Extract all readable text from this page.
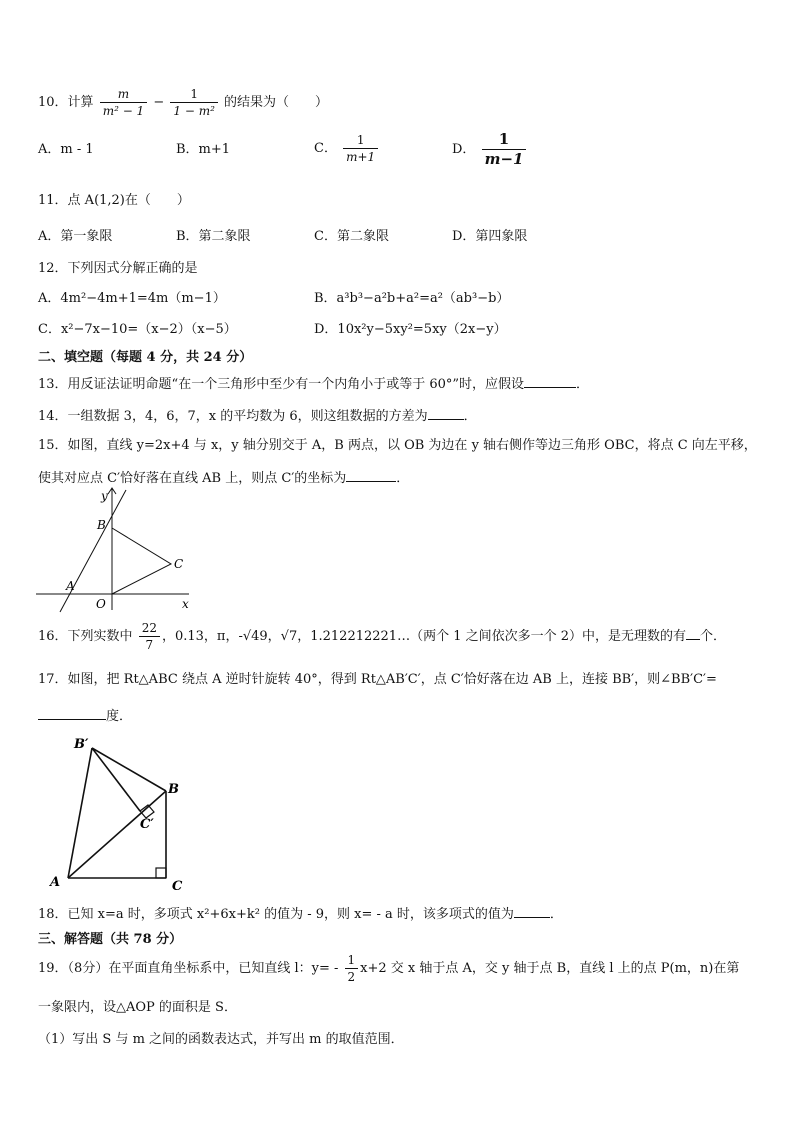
10．计算 $\frac{m}{\text{m² − 1}} - \frac{1}{\text{1 − m²}}$ 的结果为（　　）
A．m - 1	B．m+1	C． $\frac{1}{m+1}$	D． $\frac{1}{m-1}$
11．点 A(1,2)在（　　）
A．第一象限	B．第二象限	C．第二象限	D．第四象限
12．下列因式分解正确的是
A．4m²−4m+1=4m（m−1）	B．a³b³−a²b+a²=a²（ab³−b）
C．x²−7x−10=（x−2）（x−5）	D．10x²y−5xy²=5xy（2x−y）
二、填空题（每题 4 分，共 24 分）
13．用反证法证明命题“在一个三角形中至少有一个内角小于或等于 60°”时，应假设	．
14．一组数据 3，4，6，7，x 的平均数为 6，则这组数据的方差为	．
15．如图，直线 y=2x+4 与 x，y 轴分别交于 A，B 两点，以 OB 为边在 y 轴右侧作等边三角形 OBC，将点 C 向左平移，
使其对应点 C′恰好落在直线 AB 上，则点 C′的坐标为	．
y
x
B
C
A
O
16．下列实数中 $\frac{22}{7}$ ，0.13，π，-√49，√7，1.212212221…（两个 1 之间依次多一个 2）中，是无理数的有 个．
17．如图，把 Rt△ABC 绕点 A 逆时针旋转 40°，得到 Rt△AB′C′，点 C′恰好落在边 AB 上，连接 BB′，则∠BB′C′=
度．
B′
B
C′
A	C
18．已知 x=a 时，多项式 x²+6x+k² 的值为 - 9，则 x= - a 时，该多项式的值为	．
三、解答题（共 78 分）
19．（8分）在平面直角坐标系中，已知直线 l：$y= - \frac{1}{2} x+2$ 交 x 轴于点 A，交 y 轴于点 B，直线 l 上的点 P(m，n)在第
一象限内，设△AOP 的面积是 S．
（1）写出 S 与 m 之间的函数表达式，并写出 m 的取值范围．
